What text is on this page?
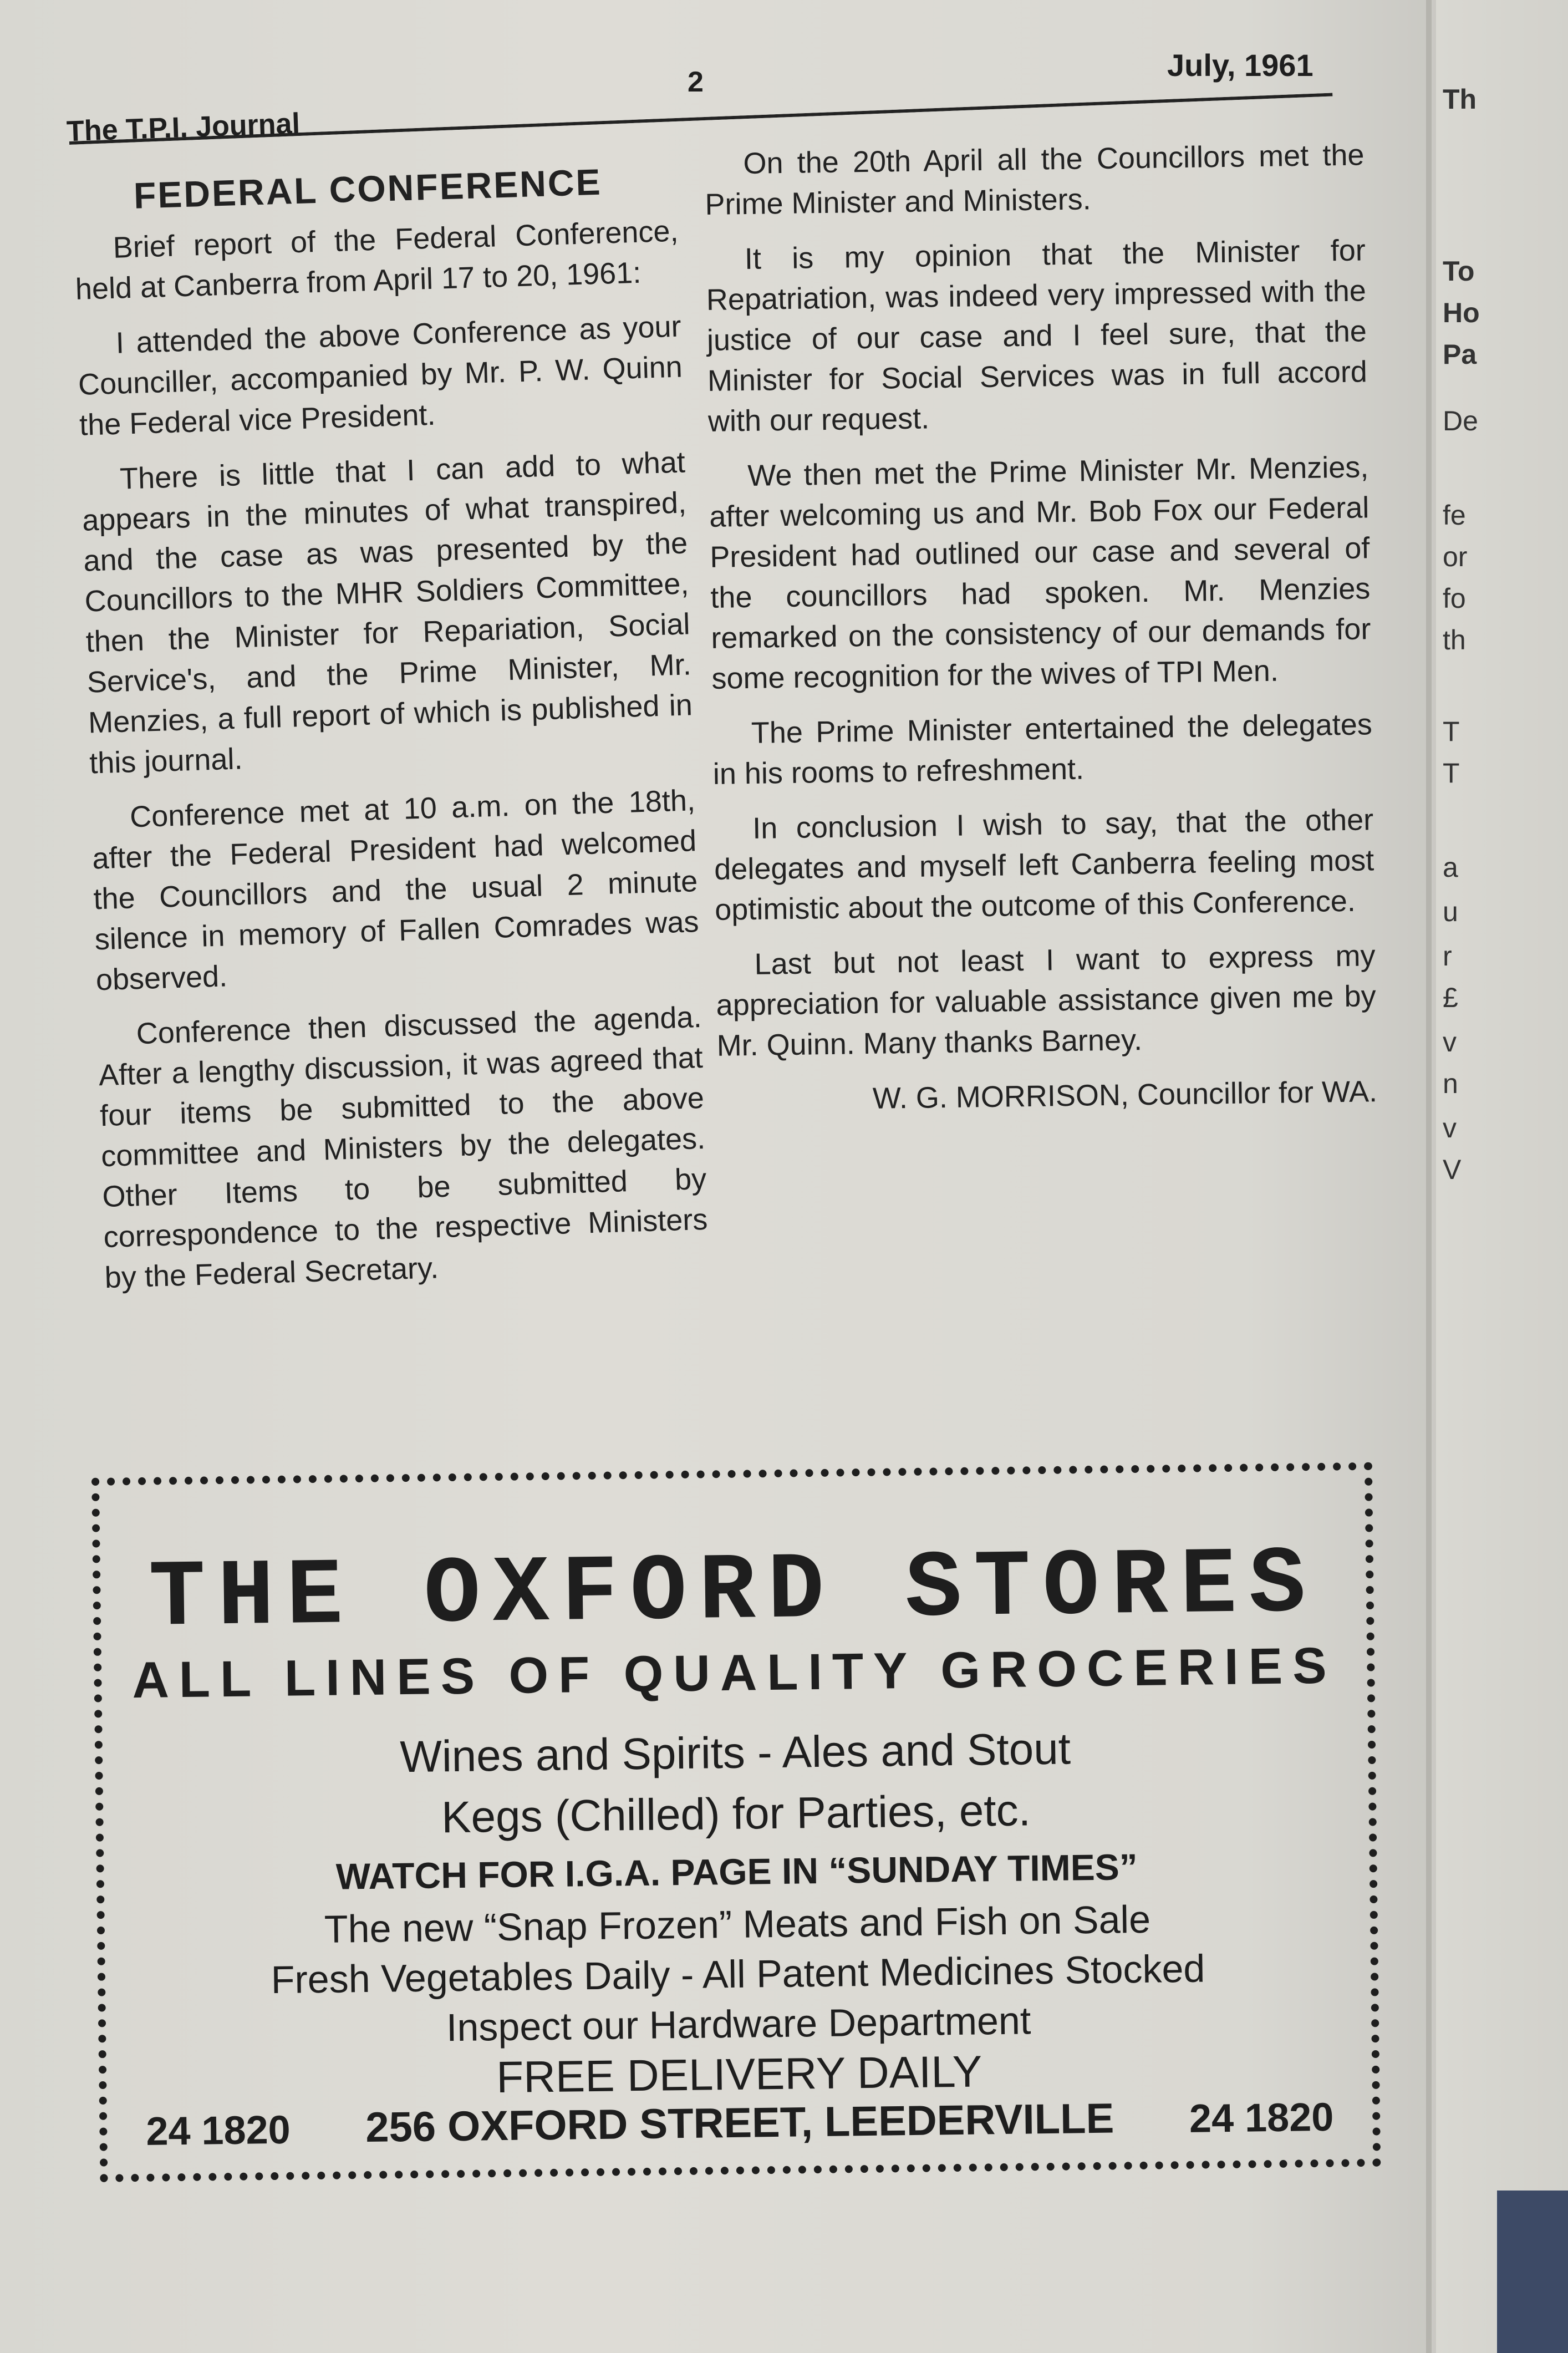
The T.P.I. Journal
2	July, 1961

FEDERAL CONFERENCE

Brief report of the Federal Conference, held at Canberra from April 17 to 20, 1961:

I attended the above Conference as your Counciller, accompanied by Mr. P. W. Quinn the Federal vice President.

There is little that I can add to what appears in the minutes of what transpired, and the case as was presented by the Councillors to the MHR Soldiers Committee, then the Minister for Repariation, Social Service's, and the Prime Minister, Mr. Menzies, a full report of which is published in this journal.

Conference met at 10 a.m. on the 18th, after the Federal President had welcomed the Councillors and the usual 2 minute silence in memory of Fallen Comrades was observed.

Conference then discussed the agenda. After a lengthy discussion, it was agreed that four items be submitted to the above committee and Ministers by the delegates. Other Items to be submitted by correspondence to the respective Ministers by the Federal Secretary.

On the 20th April all the Councillors met the Prime Minister and Ministers.

It is my opinion that the Minister for Repatriation, was indeed very impressed with the justice of our case and I feel sure, that the Minister for Social Services was in full accord with our request.

We then met the Prime Minister Mr. Menzies, after welcoming us and Mr. Bob Fox our Federal President had outlined our case and several of the councillors had spoken. Mr. Menzies remarked on the consistency of our demands for some recognition for the wives of TPI Men.

The Prime Minister entertained the delegates in his rooms to refreshment.

In conclusion I wish to say, that the other delegates and myself left Canberra feeling most optimistic about the outcome of this Conference.

Last but not least I want to express my appreciation for valuable assistance given me by Mr. Quinn. Many thanks Barney.

W. G. MORRISON, Councillor for WA.

THE OXFORD STORES
ALL LINES OF QUALITY GROCERIES
Wines and Spirits - Ales and Stout
Kegs (Chilled) for Parties, etc.
WATCH FOR I.G.A. PAGE IN “SUNDAY TIMES”
The new “Snap Frozen” Meats and Fish on Sale
Fresh Vegetables Daily - All Patent Medicines Stocked
Inspect our Hardware Department
FREE DELIVERY DAILY
256 OXFORD STREET, LEEDERVILLE
24 1820	24 1820
Th
To
Ho
Pa
De
fe
or
fo
th
T
T
a
u
r
£
v
n
v
V
